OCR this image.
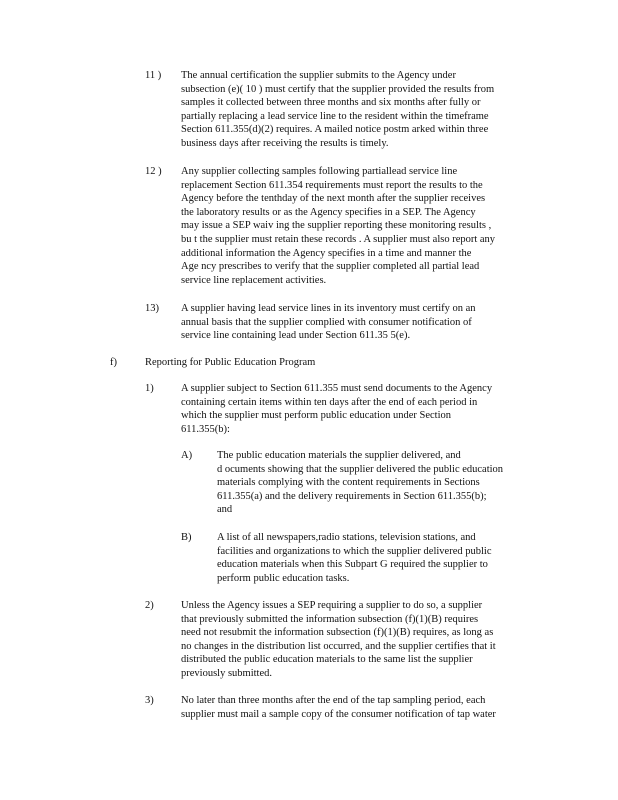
11 ) The annual certification the supplier submits to the Agency under
subsection (e)( 10 ) must certify that the supplier provided the results from
samples it collected between three months and six months after fully or
partially replacing a lead service line to the resident within the timeframe
Section 611.355(d)(2) requires. A mailed notice postm arked within three
business days after receiving the results is timely.
12 ) Any supplier collecting samples following partiallead service line
replacement Section 611.354 requirements must report the results to the
Agency before the tenthday of the next month after the supplier receives
the laboratory results or as the Agency specifies in a SEP. The Agency
may issue a SEP waiv ing the supplier reporting these monitoring results ,
bu t the supplier must retain these records . A supplier must also report any
additional information the Agency specifies in a time and manner the
Age ncy prescribes to verify that the supplier completed all partial lead
service line replacement activities.
13) A supplier having lead service lines in its inventory must certify on an
annual basis that the supplier complied with consumer notification of
service line containing lead under Section 611.35 5(e).
f)	Reporting for Public Education Program
1)	A supplier subject to Section 611.355 must send documents to the Agency
containing certain items within ten days after the end of each period in
which the supplier must perform public education under Section
611.355(b):
A) The public education materials the supplier delivered, and
d ocuments showing that the supplier delivered the public education
materials complying with the content requirements in Sections
611.355(a) and the delivery requirements in Section 611.355(b);
and
B) A list of all newspapers,radio stations, television stations, and
facilities and organizations to which the supplier delivered public
education materials when this Subpart G required the supplier to
perform public education tasks.
2)	Unless the Agency issues a SEP requiring a supplier to do so, a supplier
that previously submitted the information subsection (f)(1)(B) requires
need not resubmit the information subsection (f)(1)(B) requires, as long as
no changes in the distribution list occurred, and the supplier certifies that it
distributed the public education materials to the same list the supplier
previously submitted.
3)	No later than three months after the end of the tap sampling period, each
supplier must mail a sample copy of the consumer notification of tap water
